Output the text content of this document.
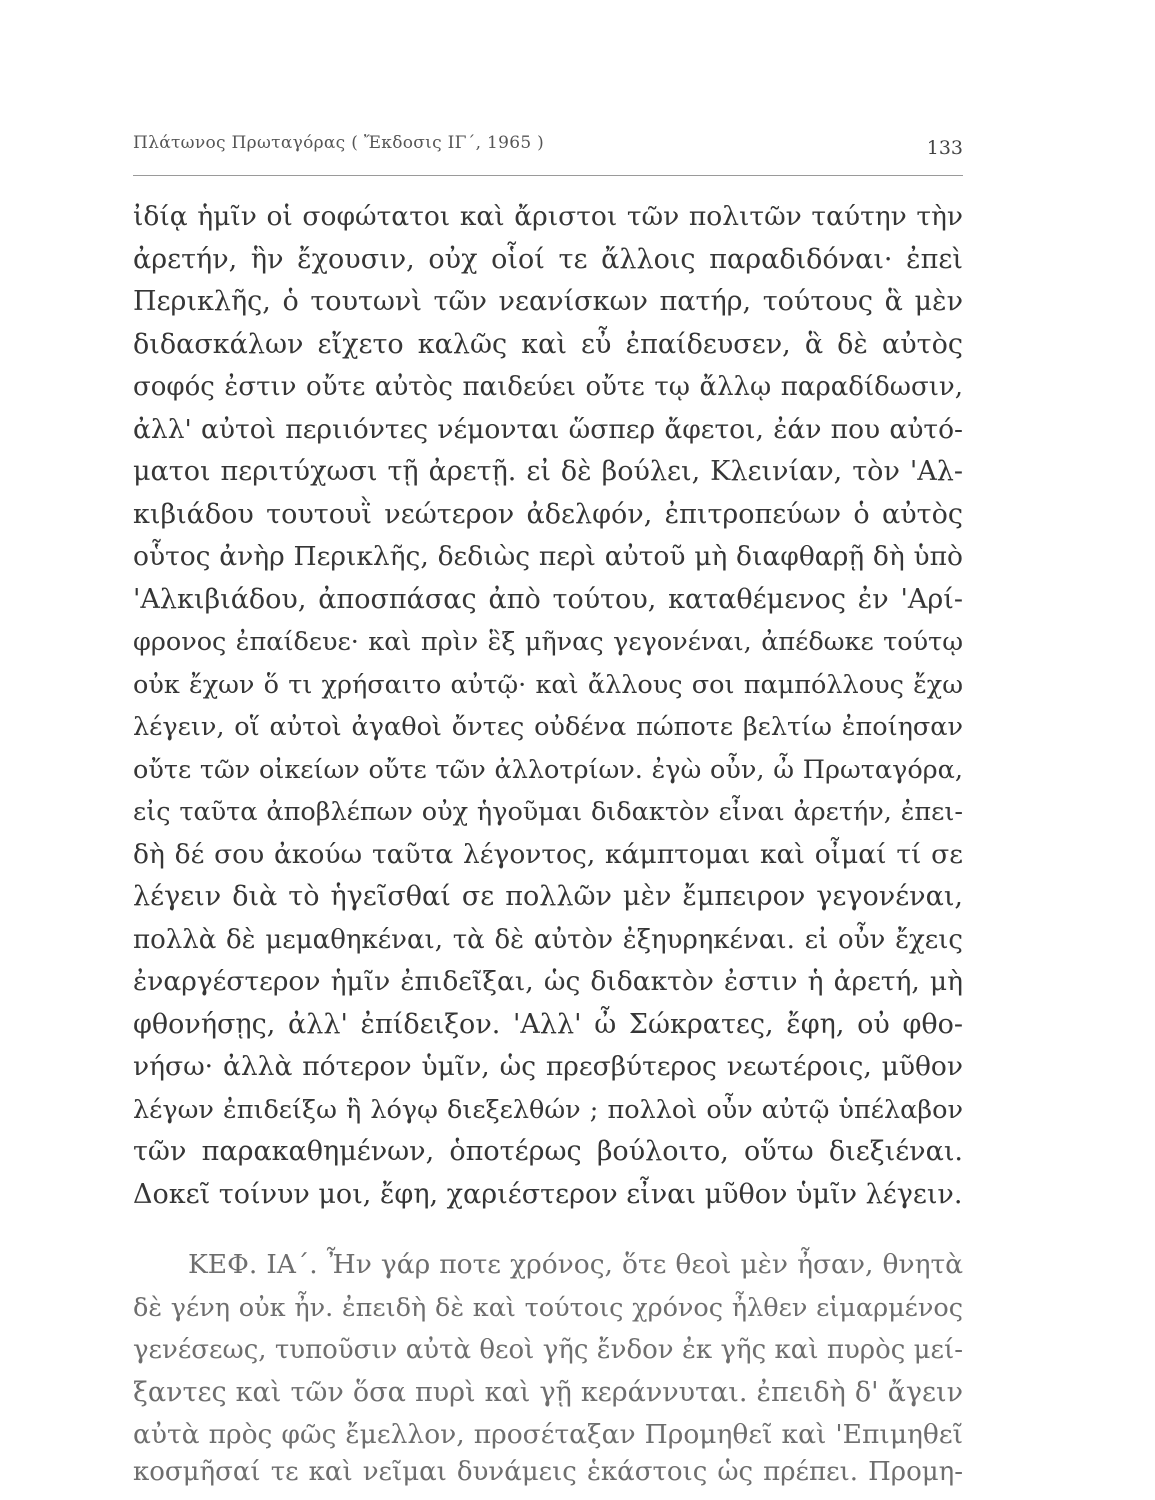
Πλάτωνος Πρωταγόρας ( Ἔκδοσις ΙΓ΄, 1965 )	133
ἰδίᾳ ἡμῖν οἱ σοφώτατοι καὶ ἄριστοι τῶν πολιτῶν ταύτην τὴν
ἀρετήν, ἣν ἔχουσιν, οὐχ οἷοί τε ἄλλοις παραδιδόναι· ἐπεὶ
Περικλῆς, ὁ τουτωνὶ τῶν νεανίσκων πατήρ, τούτους ἃ μὲν
διδασκάλων εἴχετο καλῶς καὶ εὖ ἐπαίδευσεν, ἃ δὲ αὐτὸς
σοφός ἐστιν οὔτε αὐτὸς παιδεύει οὔτε τῳ ἄλλῳ παραδίδωσιν,
ἀλλ' αὐτοὶ περιιόντες νέμονται ὥσπερ ἄφετοι, ἐάν που αὐτό-
ματοι περιτύχωσι τῇ ἀρετῇ. εἰ δὲ βούλει, Κλεινίαν, τὸν 'Αλ-
κιβιάδου τουτουῒ νεώτερον ἀδελφόν, ἐπιτροπεύων ὁ αὐτὸς
οὗτος ἀνὴρ Περικλῆς, δεδιὼς περὶ αὐτοῦ μὴ διαφθαρῇ δὴ ὑπὸ
'Αλκιβιάδου, ἀποσπάσας ἀπὸ τούτου, καταθέμενος ἐν 'Αρί-
φρονος ἐπαίδευε· καὶ πρὶν ἓξ μῆνας γεγονέναι, ἀπέδωκε τούτῳ
οὐκ ἔχων ὅ τι χρήσαιτο αὐτῷ· καὶ ἄλλους σοι παμπόλλους ἔχω
λέγειν, οἵ αὐτοὶ ἀγαθοὶ ὄντες οὐδένα πώποτε βελτίω ἐποίησαν
οὔτε τῶν οἰκείων οὔτε τῶν ἀλλοτρίων. ἐγὼ οὖν, ὦ Πρωταγόρα,
εἰς ταῦτα ἀποβλέπων οὐχ ἡγοῦμαι διδακτὸν εἶναι ἀρετήν, ἐπει-
δὴ δέ σου ἀκούω ταῦτα λέγοντος, κάμπτομαι καὶ οἶμαί τί σε
λέγειν διὰ τὸ ἡγεῖσθαί σε πολλῶν μὲν ἔμπειρον γεγονέναι,
πολλὰ δὲ μεμαθηκέναι, τὰ δὲ αὐτὸν ἐξηυρηκέναι. εἰ οὖν ἔχεις
ἐναργέστερον ἡμῖν ἐπιδεῖξαι, ὡς διδακτὸν ἐστιν ἡ ἀρετή, μὴ
φθονήσῃς, ἀλλ' ἐπίδειξον. 'Αλλ' ὦ Σώκρατες, ἔφη, οὐ φθο-
νήσω· ἀλλὰ πότερον ὑμῖν, ὡς πρεσβύτερος νεωτέροις, μῦθον
λέγων ἐπιδείξω ἢ λόγῳ διεξελθών ; πολλοὶ οὖν αὐτῷ ὑπέλαβον
τῶν παρακαθημένων, ὁποτέρως βούλοιτο, οὕτω διεξιέναι.
Δοκεῖ τοίνυν μοι, ἔφη, χαριέστερον εἶναι μῦθον ὑμῖν λέγειν.
ΚΕΦ. ΙΑ΄. Ἦν γάρ ποτε χρόνος, ὅτε θεοὶ μὲν ἦσαν, θνητὰ
δὲ γένη οὐκ ἦν. ἐπειδὴ δὲ καὶ τούτοις χρόνος ἦλθεν εἱμαρμένος
γενέσεως, τυποῦσιν αὐτὰ θεοὶ γῆς ἔνδον ἐκ γῆς καὶ πυρὸς μεί-
ξαντες καὶ τῶν ὅσα πυρὶ καὶ γῇ κεράννυται. ἐπειδὴ δ' ἄγειν
αὐτὰ πρὸς φῶς ἔμελλον, προσέταξαν Προμηθεῖ καὶ 'Επιμηθεῖ
κοσμῆσαί τε καὶ νεῖμαι δυνάμεις ἑκάστοις ὡς πρέπει. Προμη-
